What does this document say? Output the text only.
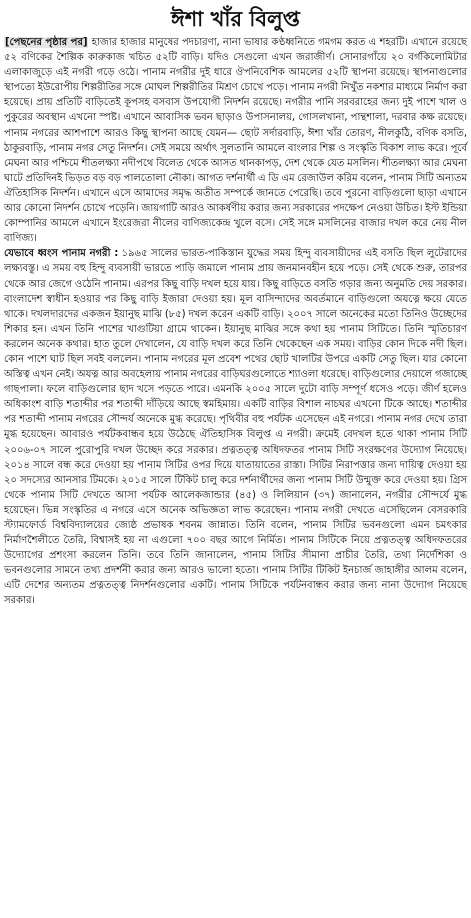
ঈশা খাঁর বিলুপ্ত

[পেছনের পৃষ্ঠার পর] হাজার হাজার মানুষের পদচারণা, নানা ভাষার কণ্ঠধ্বনিতে গমগম করত এ শহরটি। এখানে রয়েছে ৫২ বণিকের শৈল্পিক কারুকাজ খচিত ৫২টি বাড়ি। যদিও সেগুলো এখন জরাজীর্ণ। সোনারগাঁয়ে ২০ বর্গকিলোমিটার এলাকাজুড়ে এই নগরী গড়ে ওঠে। পানাম নগরীর দুই ধারে ঔপনিবেশিক আমলের ৫২টি স্থাপনা রয়েছে। স্থাপনাগুলোর স্থাপত্যে ইউরোপীয় শিল্পরীতির সঙ্গে মোঘল শিল্পরীতির মিশ্রণ চোখে পড়ে। পানাম নগরী নিখুঁত নকশার মাধ্যমে নির্মাণ করা হয়েছে। প্রায় প্রতিটি বাড়িতেই কূপসহ বসবাস উপযোগী নিদর্শন রয়েছে। নগরীর পানি সরবরাহের জন্য দুই পাশে খাল ও পুকুরের অবস্থান এখনো স্পষ্ট। এখানে আবাসিক ভবন ছাড়াও উপাসনালয়, গোসলখানা, পান্থশালা, দরবার কক্ষ রয়েছে। পানাম নগরের আশপাশে আরও কিছু স্থাপনা আছে যেমন— ছোট সর্দারবাড়ি, ঈশা খাঁর তোরণ, নীলকুঠি, বণিক বসতি, ঠাকুরবাড়ি, পানাম নগর সেতু নিদর্শন। সেই সময়ে অর্থাৎ সুলতানি আমলে বাংলার শিল্প ও সংস্কৃতি বিকাশ লাভ করে। পূর্বে মেঘনা আর পশ্চিমে শীতলক্ষ্যা নদীপথে বিলেত থেকে আসত থানকাপড়, দেশ থেকে যেত মসলিন। শীতলক্ষ্যা আর মেঘনা ঘাটে প্রতিদিনই ভিড়ত বড় বড় পালতোলা নৌকা। আগত দর্শনার্থী এ ডি এম রেজাউল করিম বলেন, পানাম সিটি অন্যতম ঐতিহাসিক নিদর্শন। এখানে এসে আমাদের সমৃদ্ধ অতীত সম্পর্কে জানতে পেরেছি। তবে পুরনো বাড়িগুলো ছাড়া এখানে আর কোনো নিদর্শন চোখে পড়েনি। জায়গাটি আরও আকর্ষণীয় করার জন্য সরকারের পদক্ষেপ নেওয়া উচিত। ইস্ট ইন্ডিয়া কোম্পানির আমলে এখানে ইংরেজরা নীলের বাণিজ্যকেন্দ্র খুলে বসে। সেই সঙ্গে মসলিনের বাজার দখল করে নেয় নীল বাণিজ্য।

যেভাবে ধ্বংস পানাম নগরী : ১৯৬৫ সালের ভারত-পাকিস্তান যুদ্ধের সময় হিন্দু ব্যবসায়ীদের এই বসতি ছিল লুটেরাদের লক্ষ্যবস্তু। এ সময় বহু হিন্দু ব্যবসায়ী ভারতে পাড়ি জমালে পানাম প্রায় জনমানবহীন হয়ে পড়ে। সেই থেকে শুরু, তারপর থেকে আর জেগে ওঠেনি পানাম। এরপর কিছু বাড়ি দখল হয়ে যায়। কিছু বাড়িতে বসতি গড়ার জন্য অনুমতি দেয় সরকার। বাংলাদেশ স্বাধীন হওয়ার পর কিছু বাড়ি ইজারা দেওয়া হয়। মূল বাসিন্দাদের অবর্তমানে বাড়িগুলো অযত্নে ক্ষয়ে যেতে থাকে। দখলদারদের একজন ইয়ানুছ মাঝি (৮৫) দখল করেন একটি বাড়ি। ২০০৭ সালে অনেকের মতো তিনিও উচ্ছেদের শিকার হন। এখন তিনি পাশের খাগুটিয়া গ্রামে থাকেন। ইয়ানুছ মাঝির সঙ্গে কথা হয় পানাম সিটিতে। তিনি স্মৃতিচারণ করলেন অনেক কথার। হাত তুলে দেখালেন, যে বাড়ি দখল করে তিনি থেকেছেন এক সময়। বাড়ির কোন দিকে নদী ছিল। কোন পাশে ঘাট ছিল সবই বললেন। পানাম নগরের মূল প্রবেশ পথের ছোট খালটির উপরে একটি সেতু ছিল। যার কোনো অস্তিত্ব এখন নেই। অযত্ন আর অবহেলায় পানাম নগরের বাড়িঘরগুলোতে শ্যাওলা ধরেছে। বাড়িগুলোর দেয়ালে গজাচ্ছে গাছপালা। ফলে বাড়িগুলোর ছাদ খসে পড়তে পারে। এমনকি ২০০৫ সালে দুটো বাড়ি সম্পূর্ণ ধসেও পড়ে। জীর্ণ হলেও অধিকাংশ বাড়ি শতাব্দীর পর শতাব্দী দাঁড়িয়ে আছে স্বমহিমায়। একটি বাড়ির বিশাল নাচঘর এখনো টিকে আছে। শতাব্দীর পর শতাব্দী পানাম নগরের সৌন্দর্য অনেকে মুগ্ধ করেছে। পৃথিবীর বহু পর্যটক এসেছেন এই নগরে। পানাম নগর দেখে তারা মুগ্ধ হয়েছেন। আবারও পর্যটকবান্ধব হয়ে উঠেছে ঐতিহাসিক বিলুপ্ত এ নগরী। ক্রমেই বেদখল হতে থাকা পানাম সিটি ২০০৬-০৭ সালে পুরোপুরি দখল উচ্ছেদ করে সরকার। প্রত্নতত্ত্ব অধিদফতর পানাম সিটি সংরক্ষণের উদ্যোগ নিয়েছে। ২০১৪ সালে বন্ধ করে দেওয়া হয় পানাম সিটির ওপর দিয়ে যাতায়াতের রাস্তা। সিটির নিরাপত্তার জন্য দায়িত্ব দেওয়া হয় ২০ সদস্যের আনসার টিমকে। ২০১৫ সালে টিকিট চালু করে দর্শনার্থীদের জন্য পানাম সিটি উন্মুক্ত করে দেওয়া হয়। গ্রিস থেকে পানাম সিটি দেখতে আসা পর্যটক আলেকজান্ডার (৪৫) ও লিলিয়ান (৩৭) জানালেন, নগরীর সৌন্দর্যে মুগ্ধ হয়েছেন। ভিন্ন সংস্কৃতির এ নগরে এসে অনেক অভিজ্ঞতা লাভ করেছেন। পানাম নগরী দেখতে এসেছিলেন বেসরকারি স্ট্যামফোর্ড বিশ্ববিদ্যালয়ের জ্যেষ্ঠ প্রভাষক শবনম জান্নাত। তিনি বলেন, পানাম সিটির ভবনগুলো এমন চমৎকার নির্মাণশৈলীতে তৈরি, বিশ্বাসই হয় না এগুলো ৭০০ বছর আগে নির্মিত। পানাম সিটিকে নিয়ে প্রত্নতত্ত্ব অধিদফতরের উদ্যোগের প্রশংসা করলেন তিনি। তবে তিনি জানালেন, পানাম সিটির সীমানা প্রাচীর তৈরি, তথ্য নির্দেশিকা ও ভবনগুলোর সামনে তথ্য প্রদর্শনী করার জন্য আরও ভালো হতো। পানাম সিটির টিকিট ইনচার্জ জাহাঙ্গীর আলম বলেন, এটি দেশের অন্যতম প্রত্নতত্ত্ব নিদর্শনগুলোর একটি। পানাম সিটিকে পর্যটনবান্ধব করার জন্য নানা উদ্যোগ নিয়েছে সরকার।
